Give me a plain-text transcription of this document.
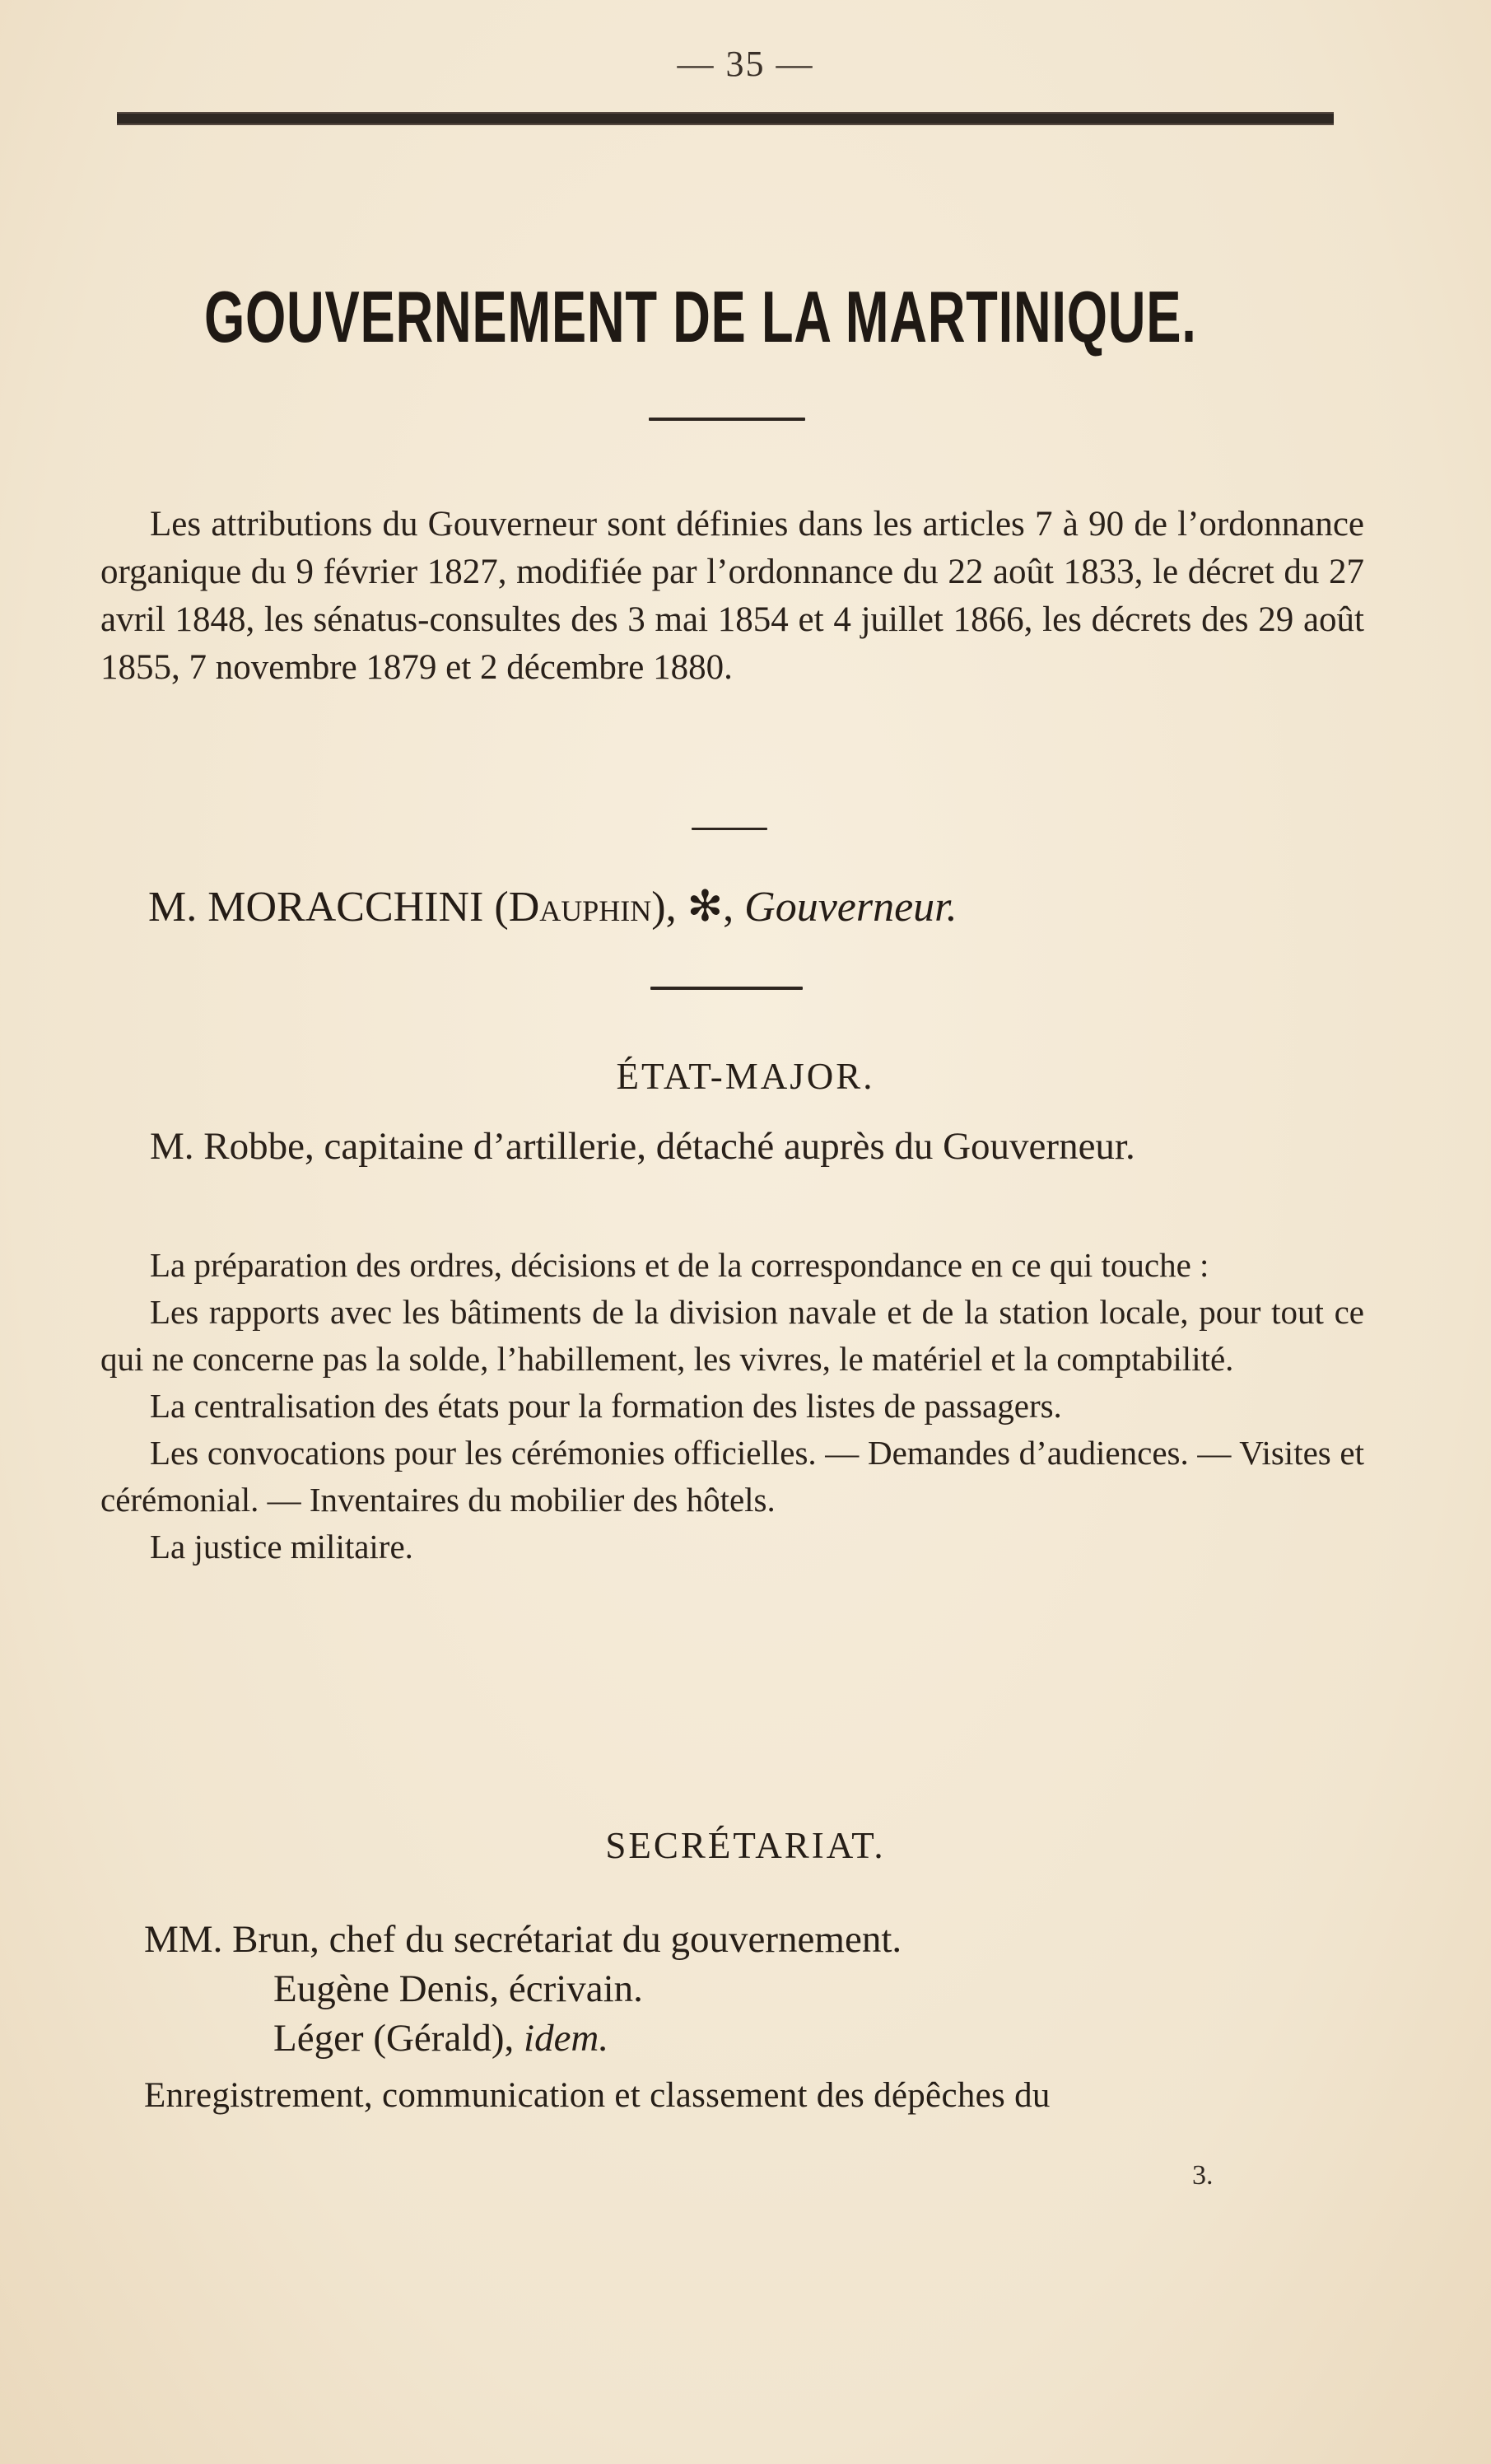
— 35 —
GOUVERNEMENT DE LA MARTINIQUE.

Les attributions du Gouverneur sont définies dans les articles 7 à 90 de l’ordonnance organique du 9 février 1827, modifiée par l’ordonnance du 22 août 1833, le décret du 27 avril 1848, les sénatus-consultes des 3 mai 1854 et 4 juillet 1866, les décrets des 29 août 1855, 7 novembre 1879 et 2 décembre 1880.

M. MORACCHINI (Dauphin), ✻, Gouverneur.
ÉTAT-MAJOR.

M. Robbe, capitaine d’artillerie, détaché auprès du Gouverneur.

La préparation des ordres, décisions et de la correspondance en ce qui touche :

Les rapports avec les bâtiments de la division navale et de la station locale, pour tout ce qui ne concerne pas la solde, l’habillement, les vivres, le matériel et la comptabilité.

La centralisation des états pour la formation des listes de passagers.

Les convocations pour les cérémonies officielles. — Demandes d’audiences. — Visites et cérémonial. — Inventaires du mobilier des hôtels.

La justice militaire.

SECRÉTARIAT.
MM. Brun, chef du secrétariat du gouvernement.
Eugène Denis, écrivain.
Léger (Gérald), idem.
Enregistrement, communication et classement des dépêches du
3.
